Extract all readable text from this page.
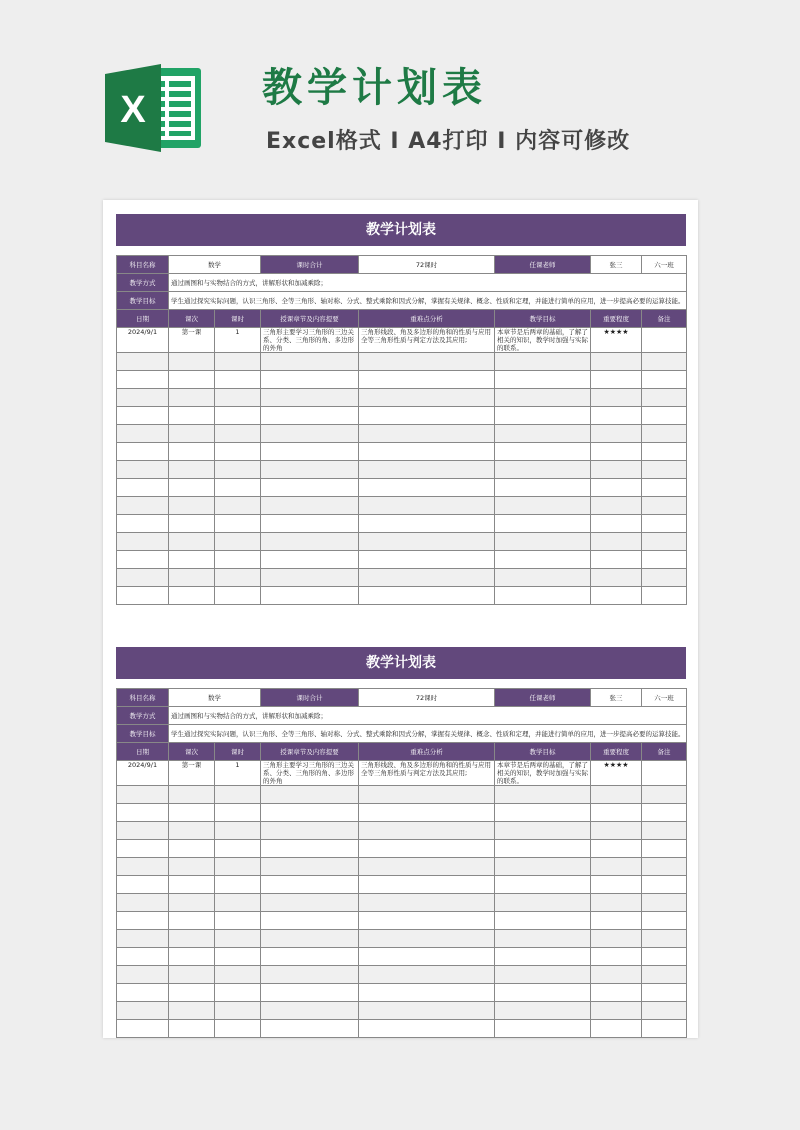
X	教学计划表
Excel格式 I A4打印 I 内容可修改
教学计划表
科目名称	数学		课时合计	72课时	任课老师	张三	六一班
教学方式	通过画图和与实物结合的方式，讲解形状和加减乘除；						
教学目标	学生通过探究实际问题，认识三角形、全等三角形、轴对称、分式、整式乘除和因式分解，掌握有关规律、概念、性质和定理，并能进行简单的应用，进一步提高必要的运算技能。						
日期	课次	课时	授课章节及内容提要	重难点分析	教学目标	重要程度	备注
2024/9/1	第一课	1	三角形主要学习三角形的三边关系、分类、三角形的角、多边形的外角	三角形线段、角及多边形的角和的性质与应用全等三角形性质与判定方法及其应用;	本章节是后两章的基础，了解了相关的知识，教学时加强与实际的联系。	★★★★	

教学计划表
科目名称	数学		课时合计	72课时	任课老师	张三	六一班
教学方式	通过画图和与实物结合的方式，讲解形状和加减乘除；						
教学目标	学生通过探究实际问题，认识三角形、全等三角形、轴对称、分式、整式乘除和因式分解，掌握有关规律、概念、性质和定理，并能进行简单的应用，进一步提高必要的运算技能。						
日期	课次	课时	授课章节及内容提要	重难点分析	教学目标	重要程度	备注
2024/9/1	第一课	1	三角形主要学习三角形的三边关系、分类、三角形的角、多边形的外角	三角形线段、角及多边形的角和的性质与应用全等三角形性质与判定方法及其应用;	本章节是后两章的基础，了解了相关的知识，教学时加强与实际的联系。	★★★★	
